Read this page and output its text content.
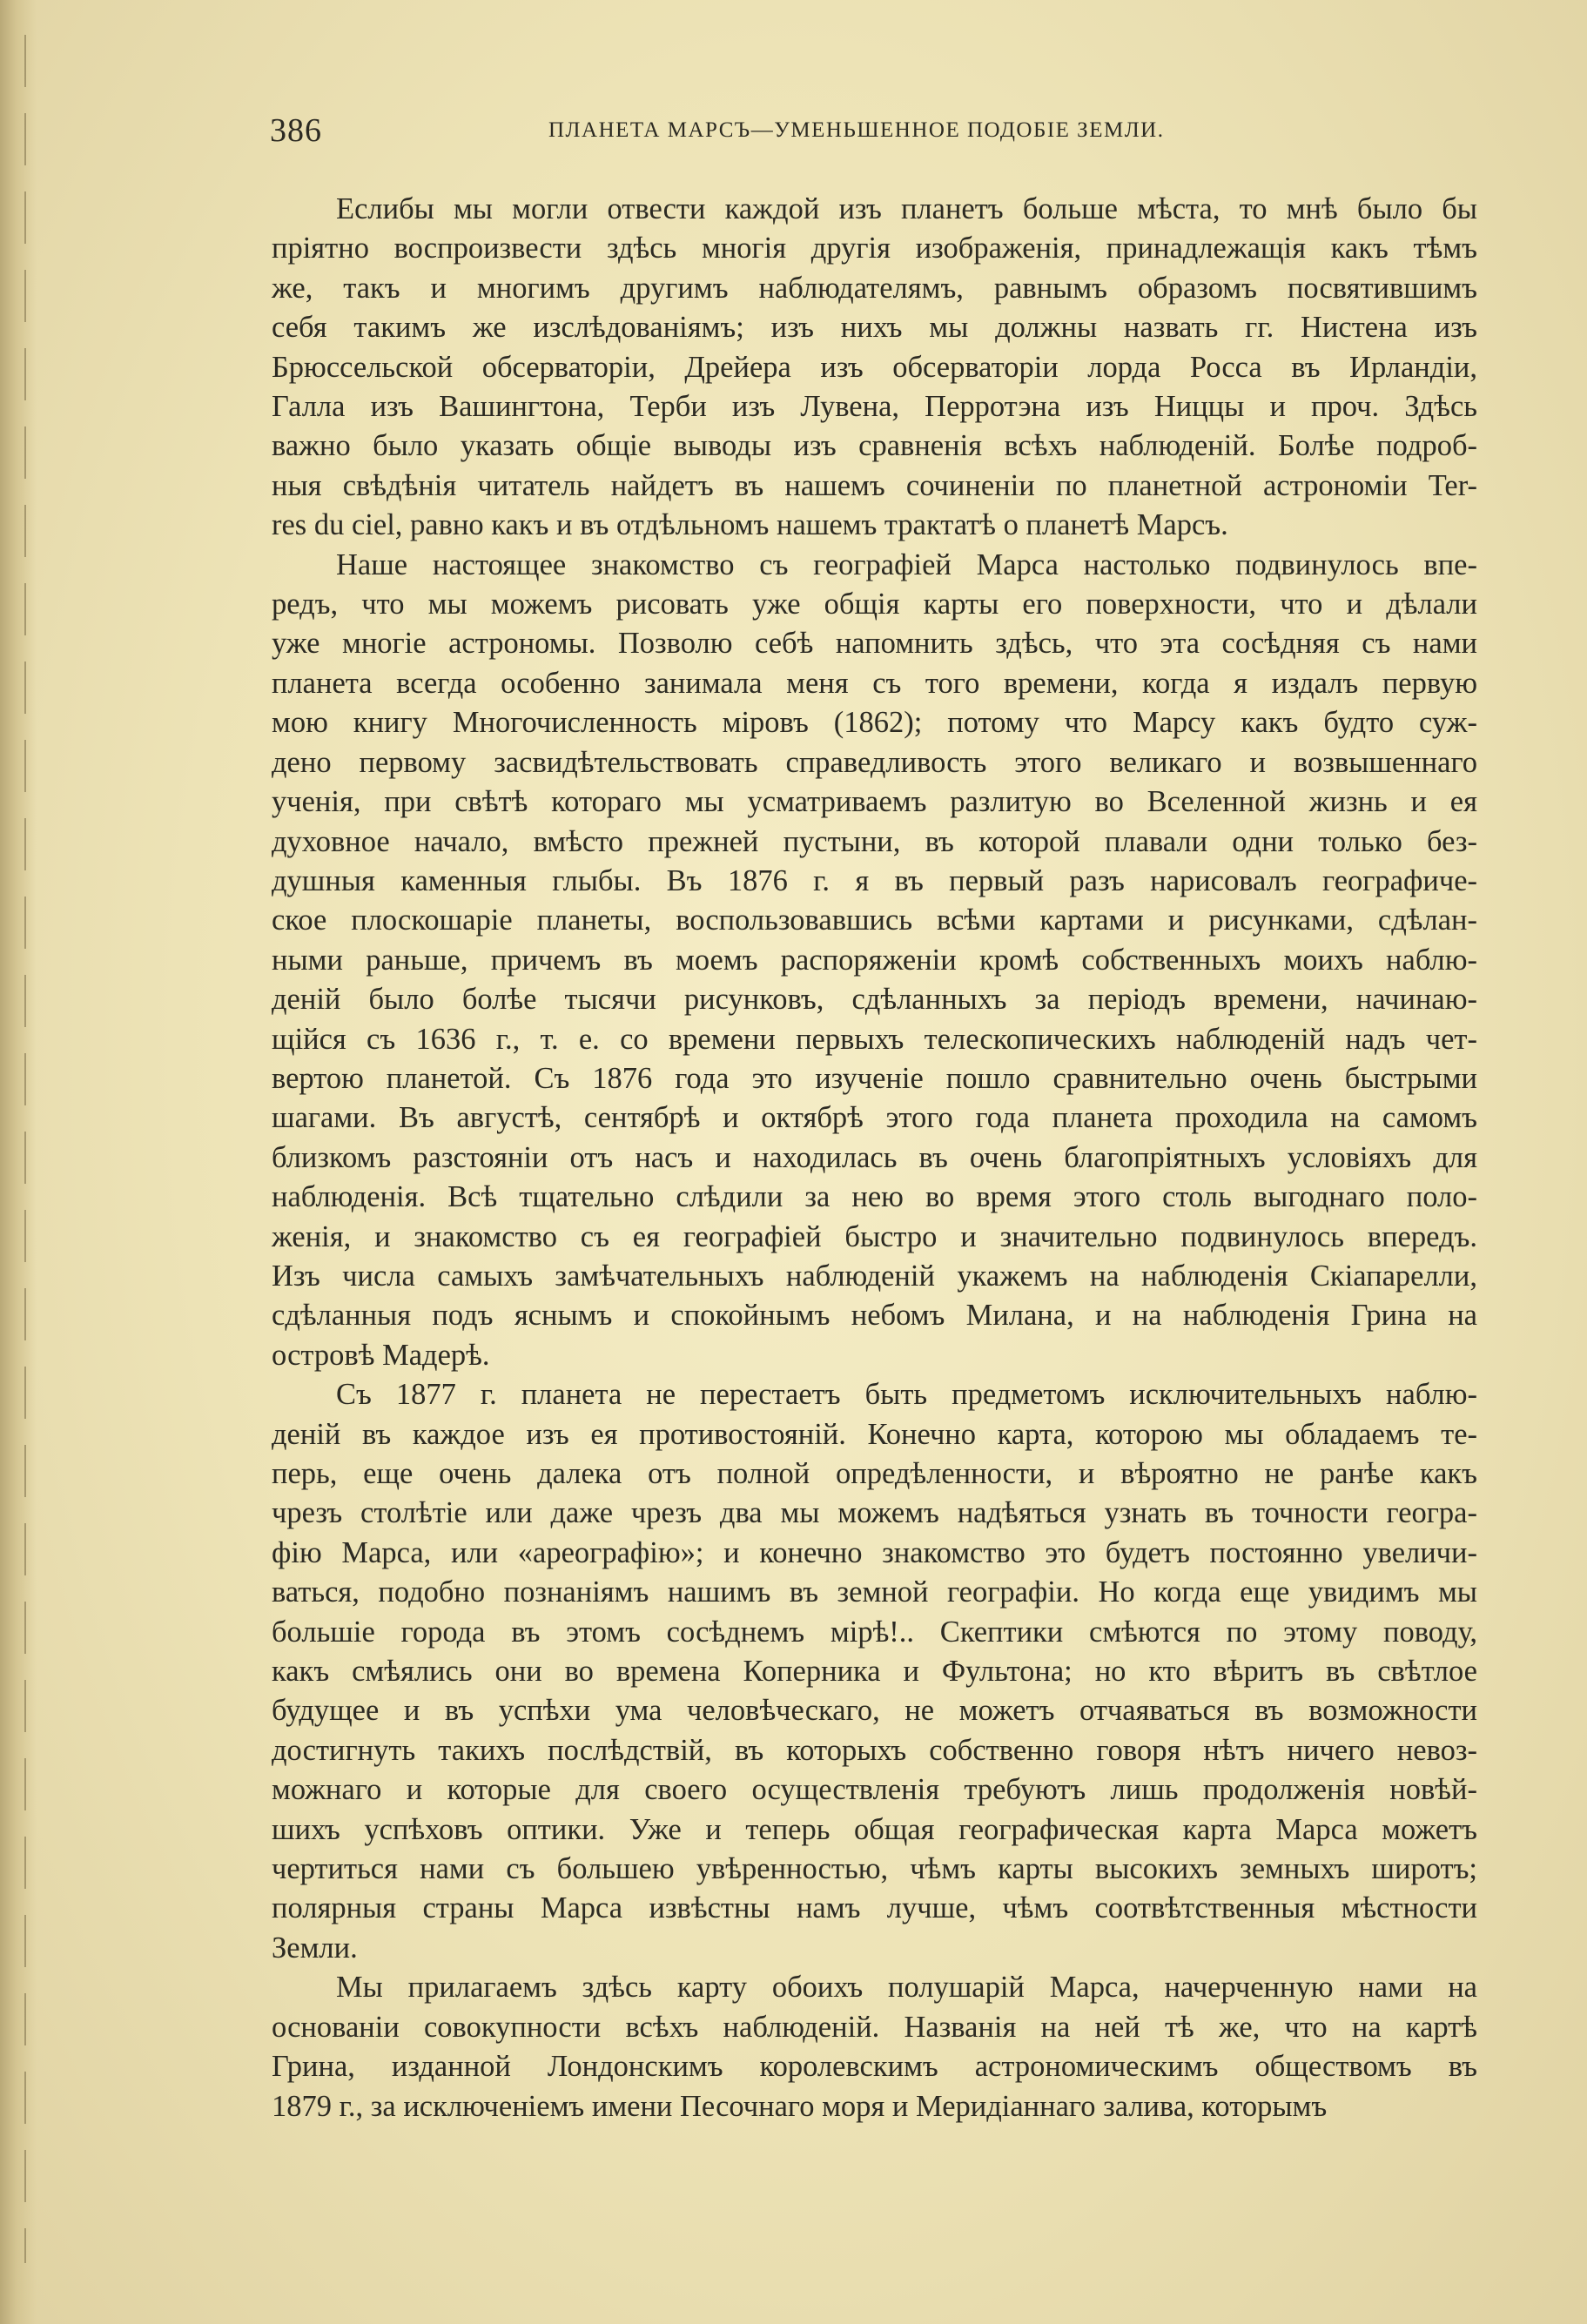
386	ПЛАНЕТА МАРСЪ—УМЕНЬШЕННОЕ ПОДОБІЕ ЗЕМЛИ.
Еслибы мы могли отвести каждой изъ планетъ больше мѣста, то мнѣ было бы
пріятно воспроизвести здѣсь многія другія изображенія, принадлежащія какъ тѣмъ
же, такъ и многимъ другимъ наблюдателямъ, равнымъ образомъ посвятившимъ
себя такимъ же изслѣдованіямъ; изъ нихъ мы должны назвать гг. Нистена изъ
Брюссельской обсерваторіи, Дрейера изъ обсерваторіи лорда Росса въ Ирландіи,
Галла изъ Вашингтона, Терби изъ Лувена, Перротэна изъ Ниццы и проч. Здѣсь
важно было указать общіе выводы изъ сравненія всѣхъ наблюденій. Болѣе подроб-
ныя свѣдѣнія читатель найдетъ въ нашемъ сочиненіи по планетной астрономіи Ter-
res du ciel, равно какъ и въ отдѣльномъ нашемъ трактатѣ о планетѣ Марсъ.
Наше настоящее знакомство съ географіей Марса настолько подвинулось впе-
редъ, что мы можемъ рисовать уже общія карты его поверхности, что и дѣлали
уже многіе астрономы. Позволю себѣ напомнить здѣсь, что эта сосѣдняя съ нами
планета всегда особенно занимала меня съ того времени, когда я издалъ первую
мою книгу Многочисленность міровъ (1862); потому что Марсу какъ будто суж-
дено первому засвидѣтельствовать справедливость этого великаго и возвышеннаго
ученія, при свѣтѣ котораго мы усматриваемъ разлитую во Вселенной жизнь и ея
духовное начало, вмѣсто прежней пустыни, въ которой плавали одни только без-
душныя каменныя глыбы. Въ 1876 г. я въ первый разъ нарисовалъ географиче-
ское плоскошаріе планеты, воспользовавшись всѣми картами и рисунками, сдѣлан-
ными раньше, причемъ въ моемъ распоряженіи кромѣ собственныхъ моихъ наблю-
деній было болѣе тысячи рисунковъ, сдѣланныхъ за періодъ времени, начинаю-
щійся съ 1636 г., т. е. со времени первыхъ телескопическихъ наблюденій надъ чет-
вертою планетой. Съ 1876 года это изученіе пошло сравнительно очень быстрыми
шагами. Въ августѣ, сентябрѣ и октябрѣ этого года планета проходила на самомъ
близкомъ разстояніи отъ насъ и находилась въ очень благопріятныхъ условіяхъ для
наблюденія. Всѣ тщательно слѣдили за нею во время этого столь выгоднаго поло-
женія, и знакомство съ ея географіей быстро и значительно подвинулось впередъ.
Изъ числа самыхъ замѣчательныхъ наблюденій укажемъ на наблюденія Скіапарелли,
сдѣланныя подъ яснымъ и спокойнымъ небомъ Милана, и на наблюденія Грина на
островѣ Мадерѣ.
Съ 1877 г. планета не перестаетъ быть предметомъ исключительныхъ наблю-
деній въ каждое изъ ея противостояній. Конечно карта, которою мы обладаемъ те-
перь, еще очень далека отъ полной опредѣленности, и вѣроятно не ранѣе какъ
чрезъ столѣтіе или даже чрезъ два мы можемъ надѣяться узнать въ точности геогра-
фію Марса, или «ареографію»; и конечно знакомство это будетъ постоянно увеличи-
ваться, подобно познаніямъ нашимъ въ земной географіи. Но когда еще увидимъ мы
большіе города въ этомъ сосѣднемъ мірѣ!.. Скептики смѣются по этому поводу,
какъ смѣялись они во времена Коперника и Фультона; но кто вѣритъ въ свѣтлое
будущее и въ успѣхи ума человѣческаго, не можетъ отчаяваться въ возможности
достигнуть такихъ послѣдствій, въ которыхъ собственно говоря нѣтъ ничего невоз-
можнаго и которые для своего осуществленія требуютъ лишь продолженія новѣй-
шихъ успѣховъ оптики. Уже и теперь общая географическая карта Марса можетъ
чертиться нами съ большею увѣренностью, чѣмъ карты высокихъ земныхъ широтъ;
полярныя страны Марса извѣстны намъ лучше, чѣмъ соотвѣтственныя мѣстности
Земли.
Мы прилагаемъ здѣсь карту обоихъ полушарій Марса, начерченную нами на
основаніи совокупности всѣхъ наблюденій. Названія на ней тѣ же, что на картѣ
Грина, изданной Лондонскимъ королевскимъ астрономическимъ обществомъ въ
1879 г., за исключеніемъ имени Песочнаго моря и Меридіаннаго залива, которымъ
